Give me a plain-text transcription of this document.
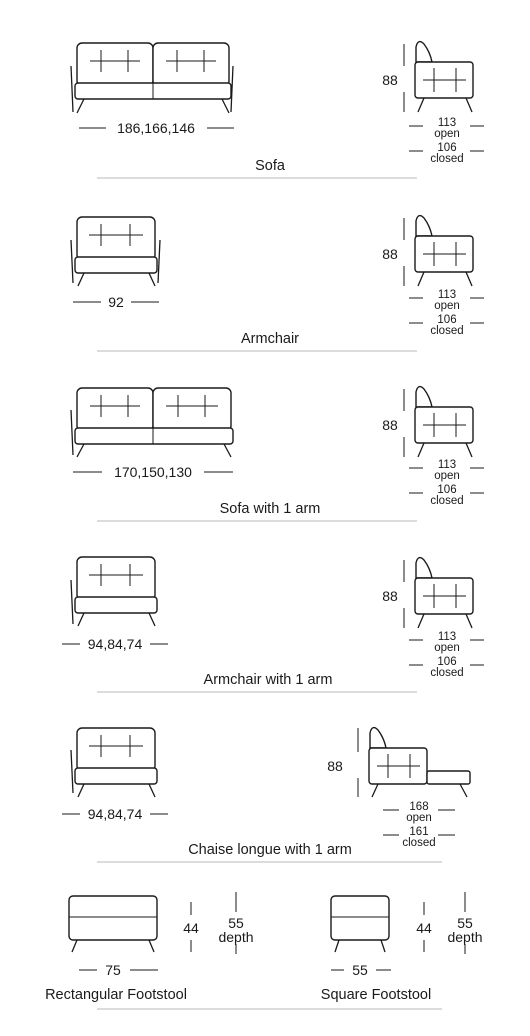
186,166,146
88
113
open
106
closed
Sofa
92
88
113
open
106
closed
Armchair
170,150,130
88
113
open
106
closed
Sofa with 1 arm
94,84,74
88
113
open
106
closed
Armchair with 1 arm
94,84,74
88
168
open
161
closed
Chaise longue with 1 arm
75
44 55
depth
Rectangular Footstool
55
44 55
depth
Square Footstool
